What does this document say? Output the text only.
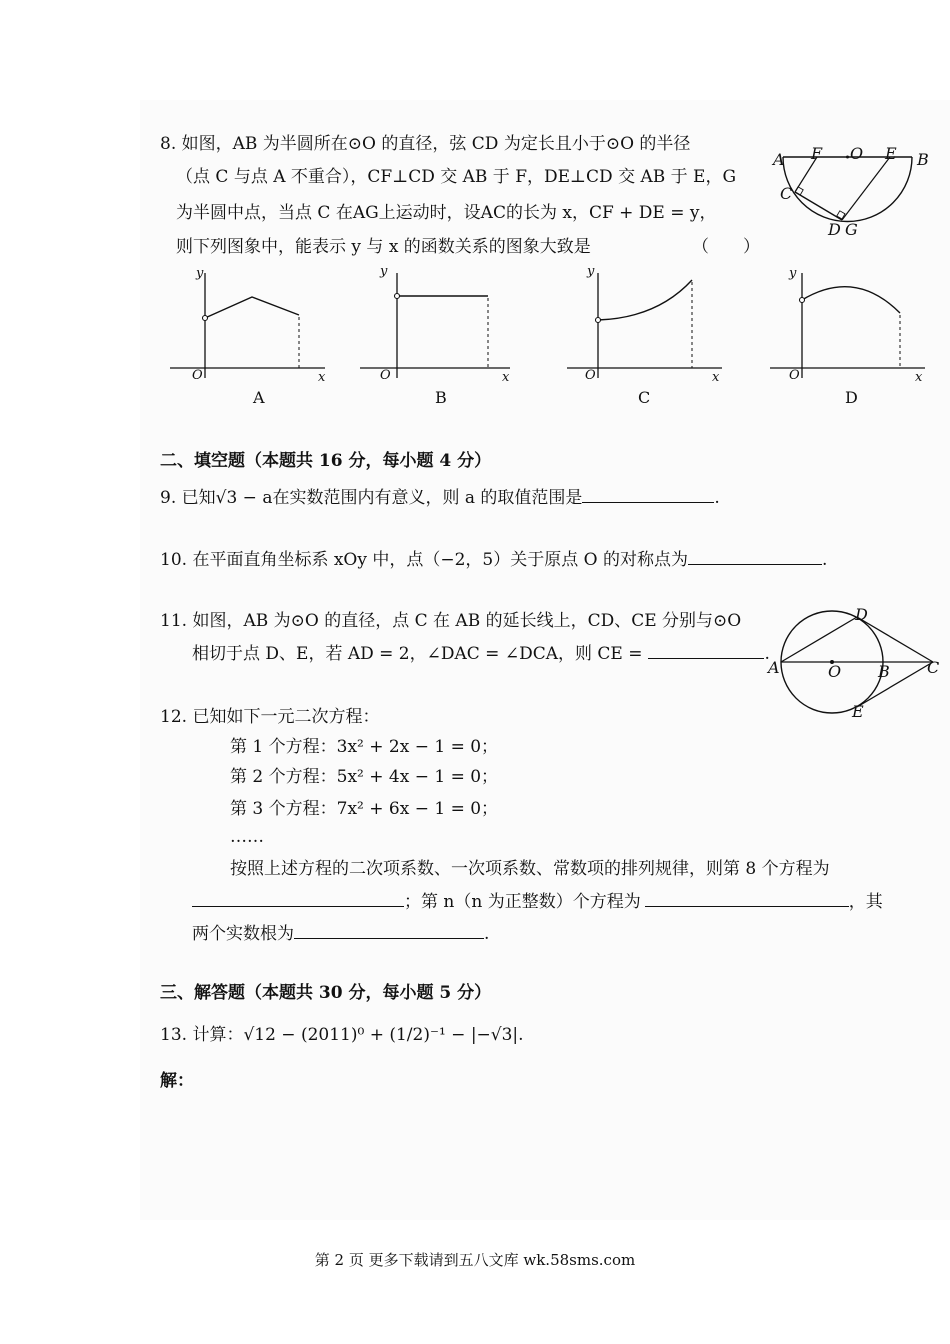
8. 如图，AB 为半圆所在⊙O 的直径，弦 CD 为定长且小于⊙O 的半径
（点 C 与点 A 不重合），CF⊥CD 交 AB 于 F，DE⊥CD 交 AB 于 E，G
为半圆中点，当点 C 在AG上运动时，设AC的长为 x，CF + DE = y，
则下列图象中，能表示 y 与 x 的函数关系的图象大致是	（　　）
A F O E B
C
D G
y
O	x
A
y
O	x
B
y
O	x
C
y
O	x
D
二、填空题（本题共 16 分，每小题 4 分）
9. 已知√3 − a在实数范围内有意义，则 a 的取值范围是	.
10. 在平面直角坐标系 xOy 中，点（−2，5）关于原点 O 的对称点为	.
11. 如图，AB 为⊙O 的直径，点 C 在 AB 的延长线上，CD、CE 分别与⊙O
相切于点 D、E，若 AD = 2，∠DAC = ∠DCA，则 CE =	.
D
A	O B C
E
12. 已知如下一元二次方程：
第 1 个方程：3x² + 2x − 1 = 0；
第 2 个方程：5x² + 4x − 1 = 0；
第 3 个方程：7x² + 6x − 1 = 0；
……
按照上述方程的二次项系数、一次项系数、常数项的排列规律，则第 8 个方程为
；第 n（n 为正整数）个方程为	，其
两个实数根为	.
三、解答题（本题共 30 分，每小题 5 分）
13. 计算：√12 − (2011)⁰ + (1/2)⁻¹ − |−√3|.
解：
第 2 页 更多下载请到五八文库 wk.58sms.com
